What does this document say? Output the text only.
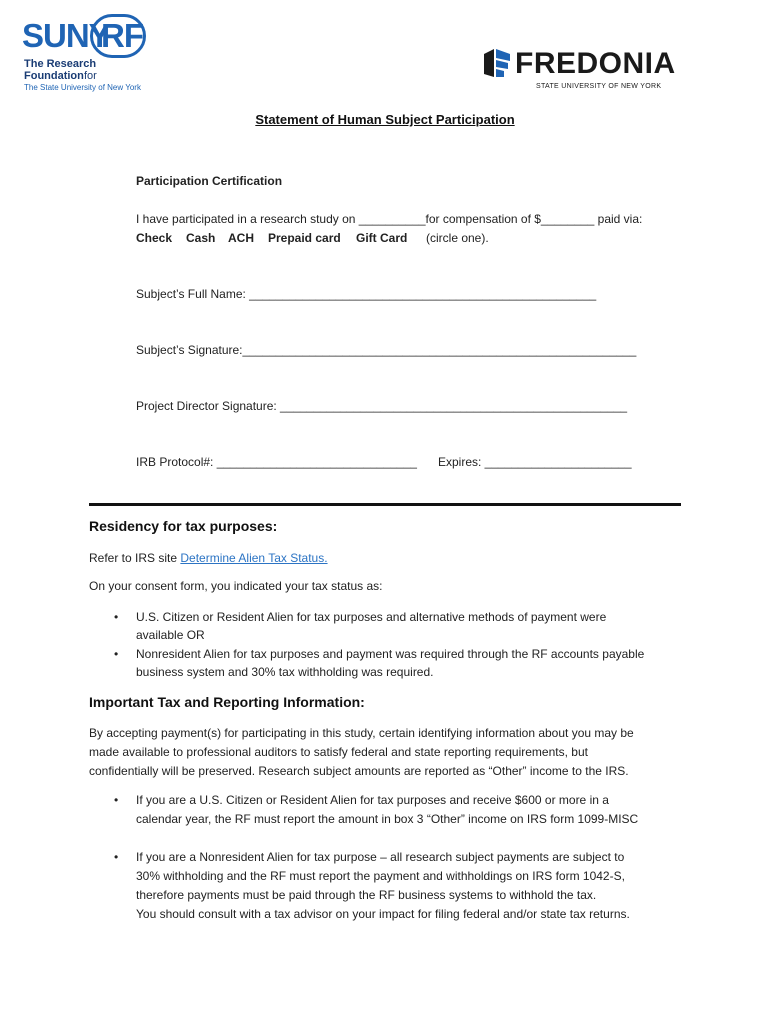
SUNY
RF
The Research
Foundation for
The State University of New York
FREDONIA
STATE UNIVERSITY OF NEW YORK
Statement of Human Subject Participation
Participation Certification
I have participated in a research study on __________for compensation of $________ paid via:
Check Cash ACH Prepaid card Gift Card (circle one).
Subject’s Full Name: ____________________________________________________
Subject’s Signature:___________________________________________________________
Project Director Signature: ____________________________________________________
IRB Protocol#: ______________________________ Expires: ______________________
Residency for tax purposes:
Refer to IRS site Determine Alien Tax Status.
On your consent form, you indicated your tax status as:
• U.S. Citizen or Resident Alien for tax purposes and alternative methods of payment were
available OR
• Nonresident Alien for tax purposes and payment was required through the RF accounts payable
business system and 30% tax withholding was required.
Important Tax and Reporting Information:
By accepting payment(s) for participating in this study, certain identifying information about you may be
made available to professional auditors to satisfy federal and state reporting requirements, but
confidentially will be preserved. Research subject amounts are reported as “Other” income to the IRS.
• If you are a U.S. Citizen or Resident Alien for tax purposes and receive $600 or more in a
calendar year, the RF must report the amount in box 3 “Other” income on IRS form 1099-MISC
• If you are a Nonresident Alien for tax purpose – all research subject payments are subject to
30% withholding and the RF must report the payment and withholdings on IRS form 1042-S,
therefore payments must be paid through the RF business systems to withhold the tax.
You should consult with a tax advisor on your impact for filing federal and/or state tax returns.
